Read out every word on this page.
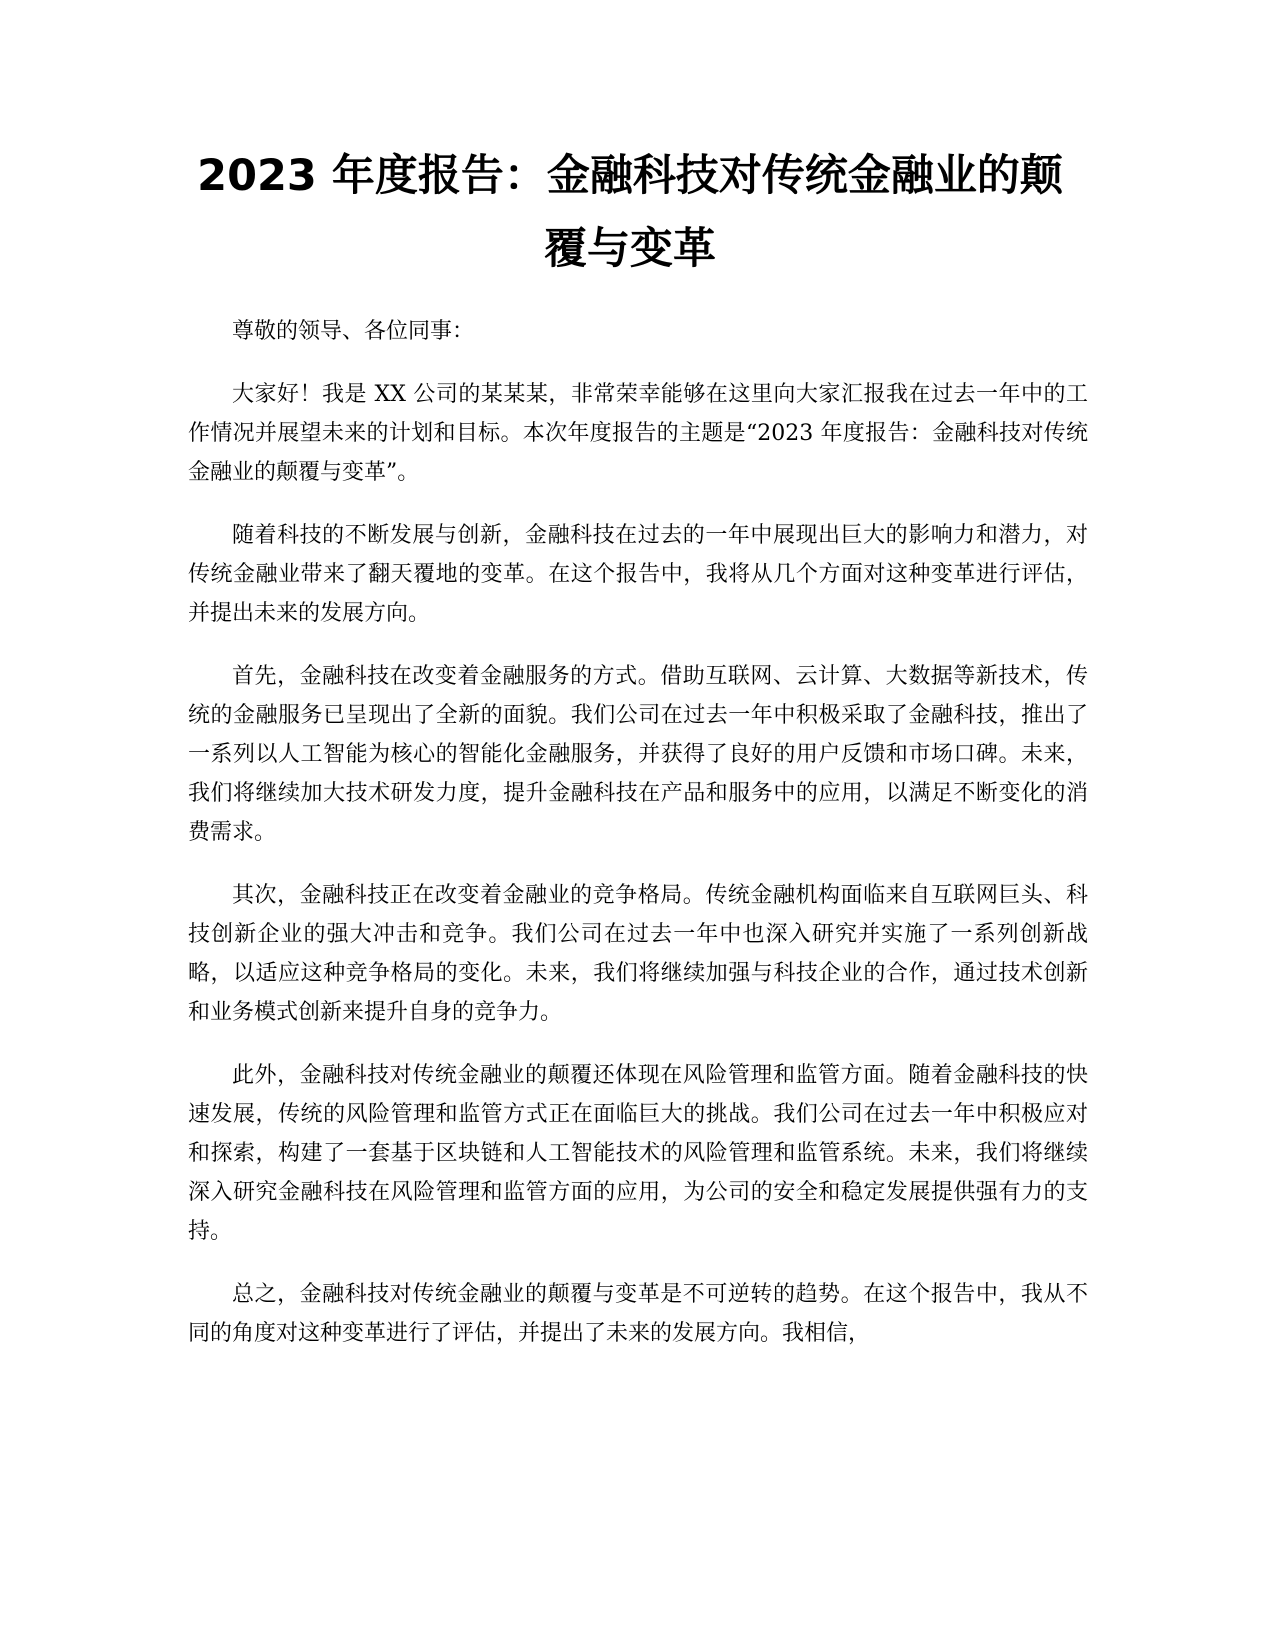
2023 年度报告：金融科技对传统金融业的颠覆与变革

尊敬的领导、各位同事：

大家好！我是 XX 公司的某某某，非常荣幸能够在这里向大家汇报我在过去一年中的工作情况并展望未来的计划和目标。本次年度报告的主题是“2023 年度报告：金融科技对传统金融业的颠覆与变革”。

随着科技的不断发展与创新，金融科技在过去的一年中展现出巨大的影响力和潜力，对传统金融业带来了翻天覆地的变革。在这个报告中，我将从几个方面对这种变革进行评估，并提出未来的发展方向。

首先，金融科技在改变着金融服务的方式。借助互联网、云计算、大数据等新技术，传统的金融服务已呈现出了全新的面貌。我们公司在过去一年中积极采取了金融科技，推出了一系列以人工智能为核心的智能化金融服务，并获得了良好的用户反馈和市场口碑。未来，我们将继续加大技术研发力度，提升金融科技在产品和服务中的应用，以满足不断变化的消费需求。

其次，金融科技正在改变着金融业的竞争格局。传统金融机构面临来自互联网巨头、科技创新企业的强大冲击和竞争。我们公司在过去一年中也深入研究并实施了一系列创新战略，以适应这种竞争格局的变化。未来，我们将继续加强与科技企业的合作，通过技术创新和业务模式创新来提升自身的竞争力。

此外，金融科技对传统金融业的颠覆还体现在风险管理和监管方面。随着金融科技的快速发展，传统的风险管理和监管方式正在面临巨大的挑战。我们公司在过去一年中积极应对和探索，构建了一套基于区块链和人工智能技术的风险管理和监管系统。未来，我们将继续深入研究金融科技在风险管理和监管方面的应用，为公司的安全和稳定发展提供强有力的支持。

总之，金融科技对传统金融业的颠覆与变革是不可逆转的趋势。在这个报告中，我从不同的角度对这种变革进行了评估，并提出了未来的发展方向。我相信，
